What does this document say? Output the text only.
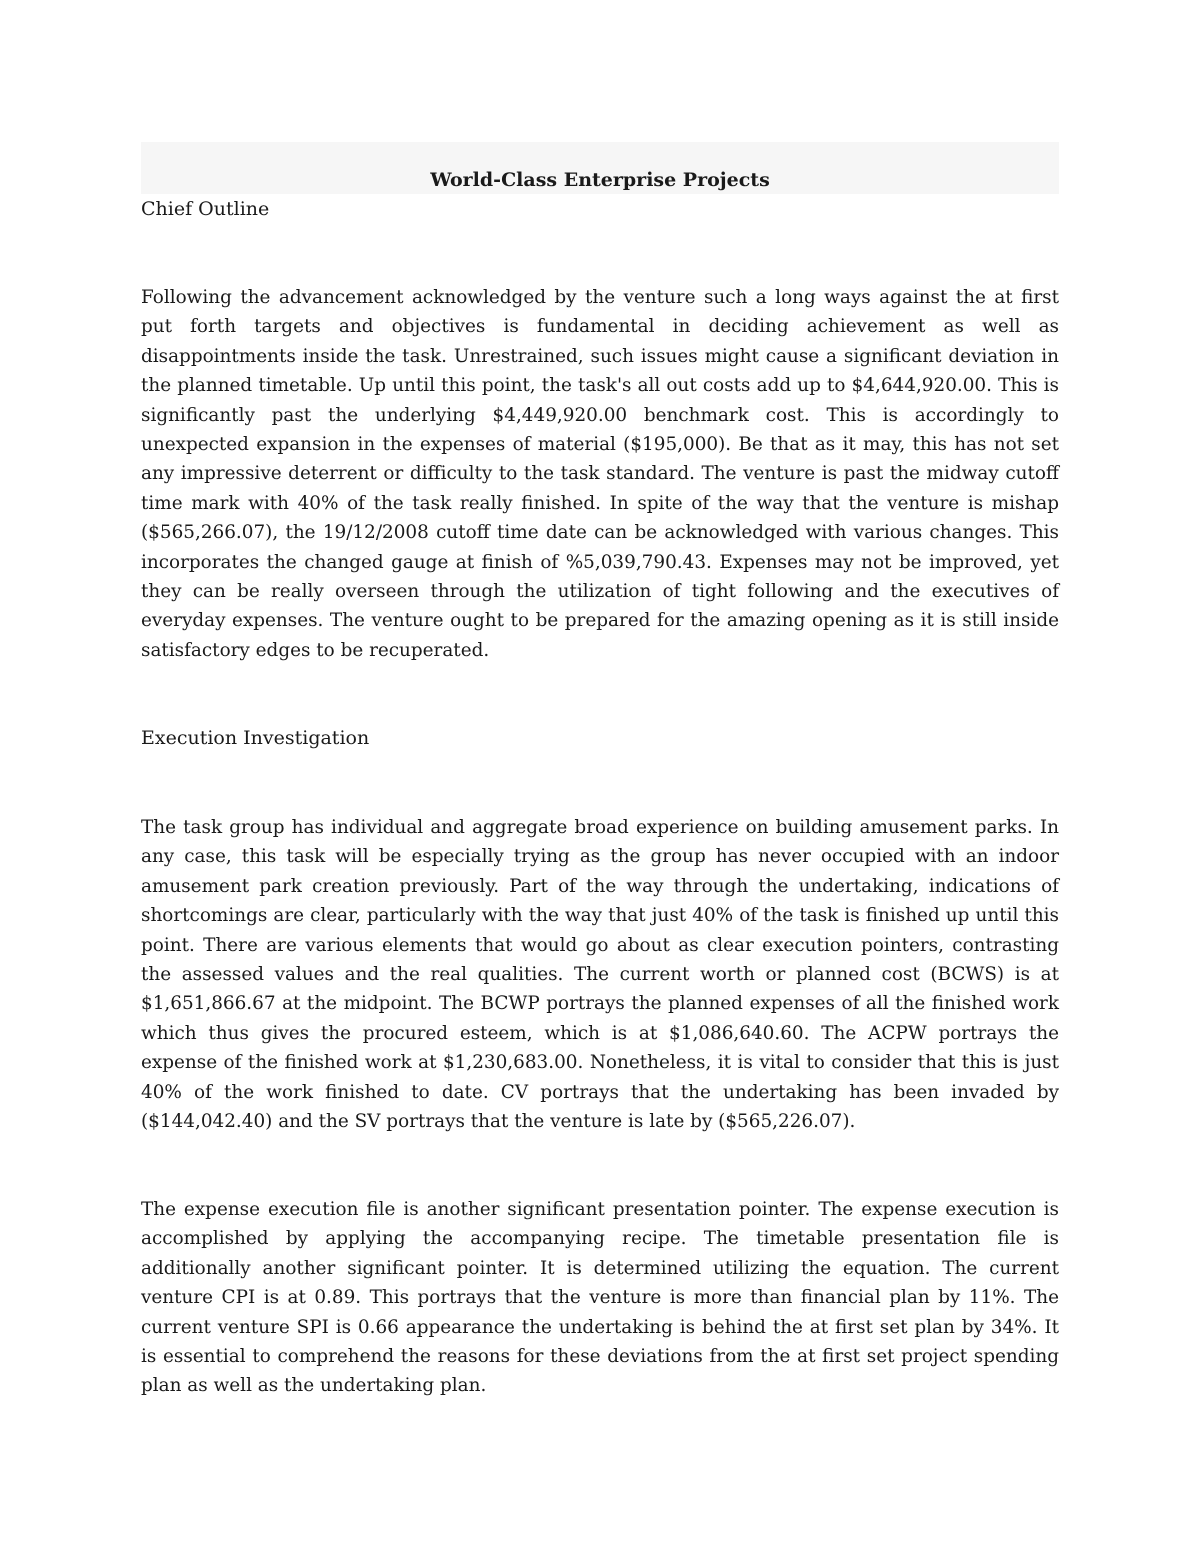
World-Class Enterprise Projects
Chief Outline

Following the advancement acknowledged by the venture such a long ways against the at first put forth targets and objectives is fundamental in deciding achievement as well as disappointments inside the task. Unrestrained, such issues might cause a significant deviation in the planned timetable. Up until this point, the task's all out costs add up to $4,644,920.00. This is significantly past the underlying $4,449,920.00 benchmark cost. This is accordingly to unexpected expansion in the expenses of material ($195,000). Be that as it may, this has not set any impressive deterrent or difficulty to the task standard. The venture is past the midway cutoff time mark with 40% of the task really finished. In spite of the way that the venture is mishap ($565,266.07), the 19/12/2008 cutoff time date can be acknowledged with various changes. This incorporates the changed gauge at finish of %5,039,790.43. Expenses may not be improved, yet they can be really overseen through the utilization of tight following and the executives of everyday expenses. The venture ought to be prepared for the amazing opening as it is still inside satisfactory edges to be recuperated.

Execution Investigation

The task group has individual and aggregate broad experience on building amusement parks. In any case, this task will be especially trying as the group has never occupied with an indoor amusement park creation previously. Part of the way through the undertaking, indications of shortcomings are clear, particularly with the way that just 40% of the task is finished up until this point. There are various elements that would go about as clear execution pointers, contrasting the assessed values and the real qualities. The current worth or planned cost (BCWS) is at $1,651,866.67 at the midpoint. The BCWP portrays the planned expenses of all the finished work which thus gives the procured esteem, which is at $1,086,640.60. The ACPW portrays the expense of the finished work at $1,230,683.00. Nonetheless, it is vital to consider that this is just 40% of the work finished to date. CV portrays that the undertaking has been invaded by ($144,042.40) and the SV portrays that the venture is late by ($565,226.07).

The expense execution file is another significant presentation pointer. The expense execution is accomplished by applying the accompanying recipe. The timetable presentation file is additionally another significant pointer. It is determined utilizing the equation. The current venture CPI is at 0.89. This portrays that the venture is more than financial plan by 11%. The current venture SPI is 0.66 appearance the undertaking is behind the at first set plan by 34%. It is essential to comprehend the reasons for these deviations from the at first set project spending plan as well as the undertaking plan.
